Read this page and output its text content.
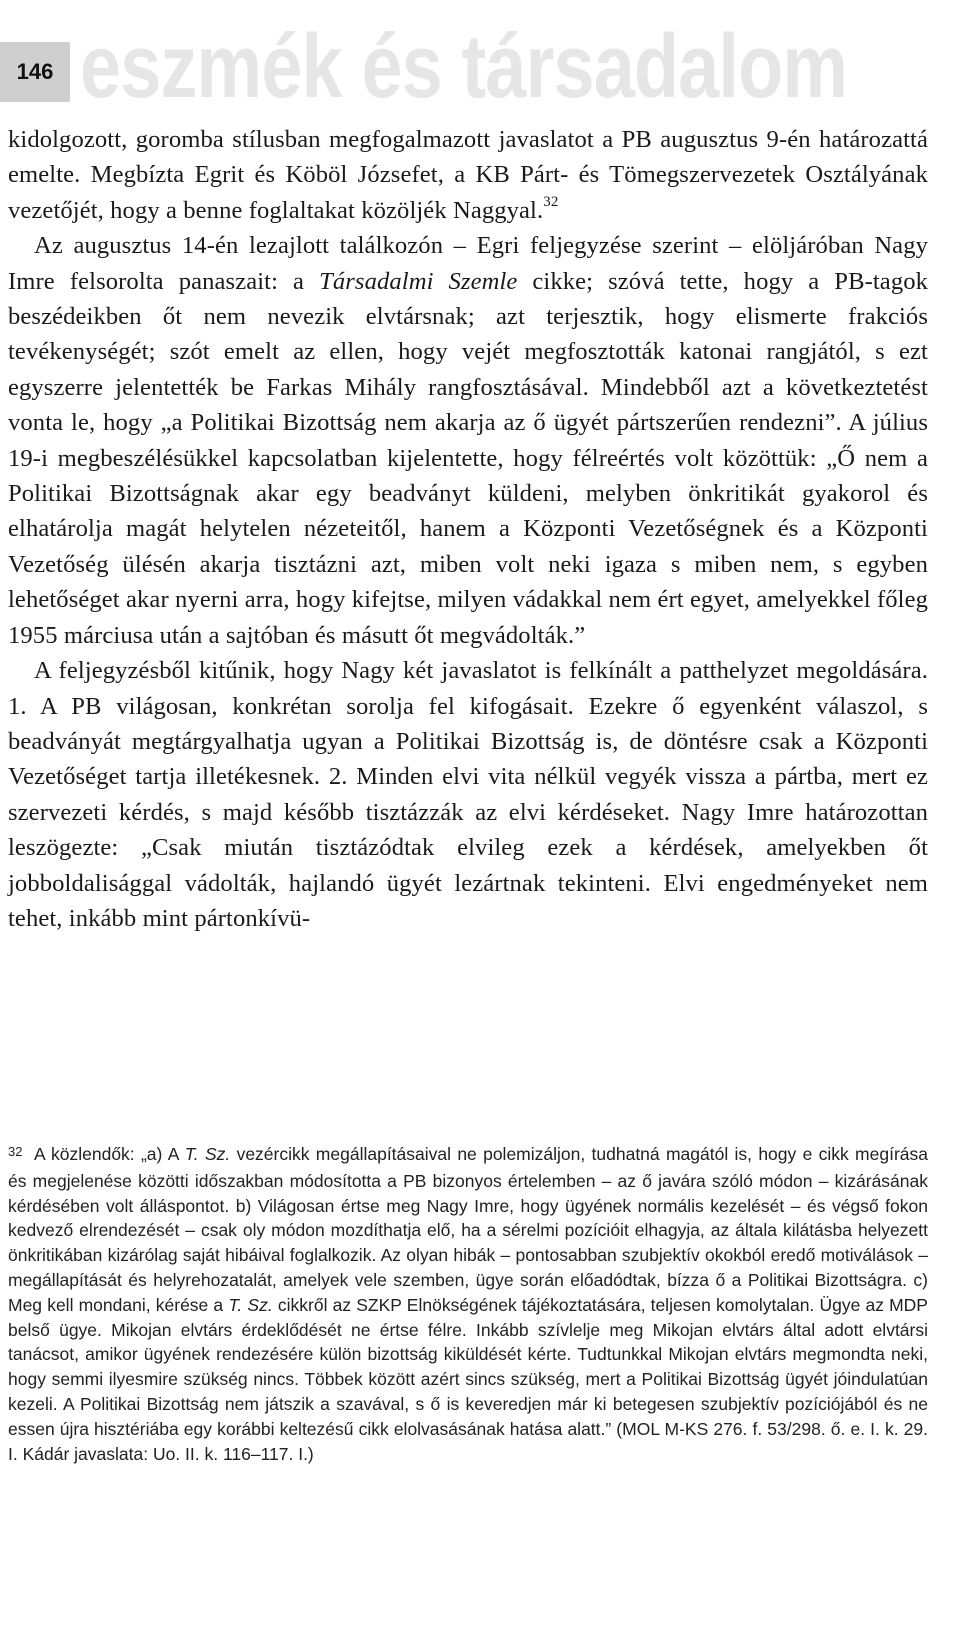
146 eszmék és társadalom

kidolgozott, goromba stílusban megfogalmazott javaslatot a PB augusztus 9-én határozattá emelte. Megbízta Egrit és Köböl Józsefet, a KB Párt- és Tömegszervezetek Osztályának vezetőjét, hogy a benne foglaltakat közöljék Naggyal.$^{32}$

Az augusztus 14-én lezajlott találkozón – Egri feljegyzése szerint – elöljáróban Nagy Imre felsorolta panaszait: a Társadalmi Szemle cikke; szóvá tette, hogy a PB-tagok beszédeikben őt nem nevezik elvtársnak; azt terjesztik, hogy elismerte frakciós tevékenységét; szót emelt az ellen, hogy vejét megfosztották katonai rangjától, s ezt egyszerre jelentették be Farkas Mihály rangfosztásával. Mindebből azt a következtetést vonta le, hogy „a Politikai Bizottság nem akarja az ő ügyét pártszerűen rendezni”. A július 19-i megbeszélésükkel kapcsolatban kijelentette, hogy félreértés volt közöttük: „Ő nem a Politikai Bizottságnak akar egy beadványt küldeni, melyben önkritikát gyakorol és elhatárolja magát helytelen nézeteitől, hanem a Központi Vezetőségnek és a Központi Vezetőség ülésén akarja tisztázni azt, miben volt neki igaza s miben nem, s egyben lehetőséget akar nyerni arra, hogy kifejtse, milyen vádakkal nem ért egyet, amelyekkel főleg 1955 márciusa után a sajtóban és másutt őt megvádolták.”

A feljegyzésből kitűnik, hogy Nagy két javaslatot is felkínált a patthelyzet megoldására. 1. A PB világosan, konkrétan sorolja fel kifogásait. Ezekre ő egyenként válaszol, s beadványát megtárgyalhatja ugyan a Politikai Bizottság is, de döntésre csak a Központi Vezetőséget tartja illetékesnek. 2. Minden elvi vita nélkül vegyék vissza a pártba, mert ez szervezeti kérdés, s majd később tisztázzák az elvi kérdéseket. Nagy Imre határozottan leszögezte: „Csak miután tisztázódtak elvileg ezek a kérdések, amelyekben őt jobboldalisággal vádolták, hajlandó ügyét lezártnak tekinteni. Elvi engedményeket nem tehet, inkább mint pártonkívü-

32 A közlendők: „a) A T. Sz. vezércikk megállapításaival ne polemizáljon, tudhatná magától is, hogy e cikk megírása és megjelenése közötti időszakban módosította a PB bizonyos értelemben – az ő javára szóló módon – kizárásának kérdésében volt álláspontot. b) Világosan értse meg Nagy Imre, hogy ügyének normális kezelését – és végső fokon kedvező elrendezését – csak oly módon mozdíthatja elő, ha a sérelmi pozícióit elhagyja, az általa kilátásba helyezett önkritikában kizárólag saját hibáival foglalkozik. Az olyan hibák – pontosabban szubjektív okokból eredő motiválások – megállapítását és helyrehozatalát, amelyek vele szemben, ügye során előadódtak, bízza ő a Politikai Bizottságra. c) Meg kell mondani, kérése a T. Sz. cikkről az SZKP Elnökségének tájékoztatására, teljesen komolytalan. Ügye az MDP belső ügye. Mikojan elvtárs érdeklődését ne értse félre. Inkább szívlelje meg Mikojan elvtárs által adott elvtársi tanácsot, amikor ügyének rendezésére külön bizottság kiküldését kérte. Tudtunkkal Mikojan elvtárs megmondta neki, hogy semmi ilyesmire szükség nincs. Többek között azért sincs szükség, mert a Politikai Bizottság ügyét jóindulatúan kezeli. A Politikai Bizottság nem játszik a szavával, s ő is keveredjen már ki betegesen szubjektív pozíciójából és ne essen újra hisztériába egy korábbi keltezésű cikk elolvasásának hatása alatt.” (MOL M-KS 276. f. 53/298. ő. e. I. k. 29. I. Kádár javaslata: Uo. II. k. 116–117. I.)
